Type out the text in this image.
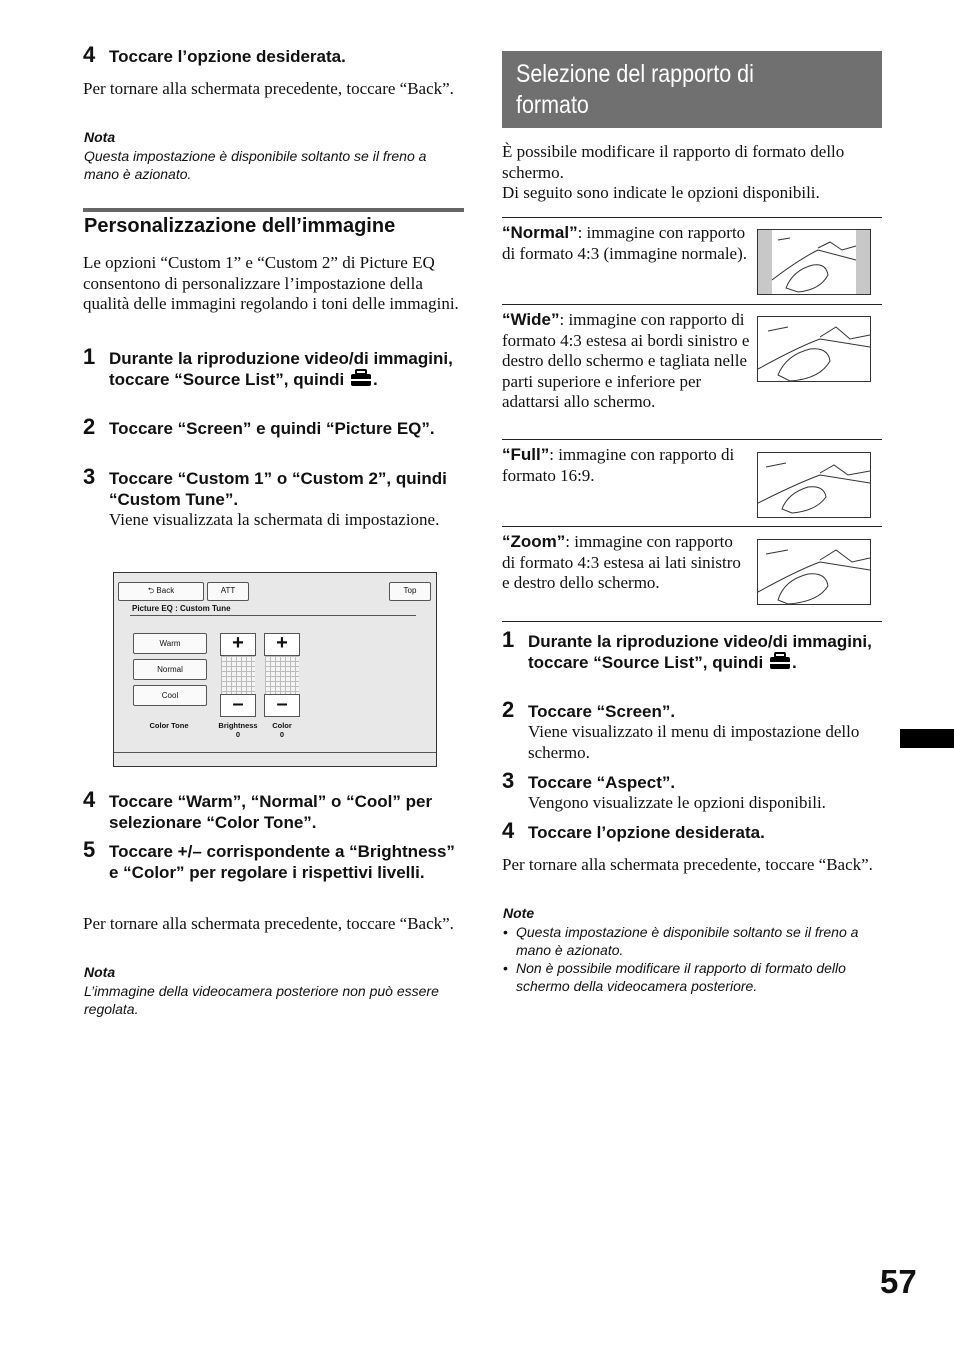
4 Toccare l’opzione desiderata.
Per tornare alla schermata precedente, toccare “Back”.
Nota
Questa impostazione è disponibile soltanto se il freno a mano è azionato.
Personalizzazione dell’immagine
Le opzioni “Custom 1” e “Custom 2” di Picture EQ consentono di personalizzare l’impostazione della qualità delle immagini regolando i toni delle immagini.
1 Durante la riproduzione video/di immagini, toccare “Source List”, quindi .
2 Toccare “Screen” e quindi “Picture EQ”.
3 Toccare “Custom 1” o “Custom 2”, quindi “Custom Tune”.
Viene visualizzata la schermata di impostazione.
⮌ Back	ATT	Top
Picture EQ : Custom Tune
Warm
Normal
Cool
+
–
+
–
Color Tone	Brightness
0
Color
0
4 Toccare “Warm”, “Normal” o “Cool” per selezionare “Color Tone”.
5 Toccare +/– corrispondente a “Brightness” e “Color” per regolare i rispettivi livelli.
Per tornare alla schermata precedente, toccare “Back”.
Nota
L’immagine della videocamera posteriore non può essere regolata.
Selezione del rapporto di formato
È possibile modificare il rapporto di formato dello schermo.
Di seguito sono indicate le opzioni disponibili.
“Normal”: immagine con rapporto di formato 4:3 (immagine normale).
“Wide”: immagine con rapporto di formato 4:3 estesa ai bordi sinistro e destro dello schermo e tagliata nelle parti superiore e inferiore per adattarsi allo schermo.
“Full”: immagine con rapporto di formato 16:9.
“Zoom”: immagine con rapporto di formato 4:3 estesa ai lati sinistro e destro dello schermo.
1 Durante la riproduzione video/di immagini, toccare “Source List”, quindi .
2 Toccare “Screen”.
Viene visualizzato il menu di impostazione dello schermo.
3 Toccare “Aspect”.
Vengono visualizzate le opzioni disponibili.
4 Toccare l’opzione desiderata.
Per tornare alla schermata precedente, toccare “Back”.
Note
• Questa impostazione è disponibile soltanto se il freno a mano è azionato.
• Non è possibile modificare il rapporto di formato dello schermo della videocamera posteriore.
57
